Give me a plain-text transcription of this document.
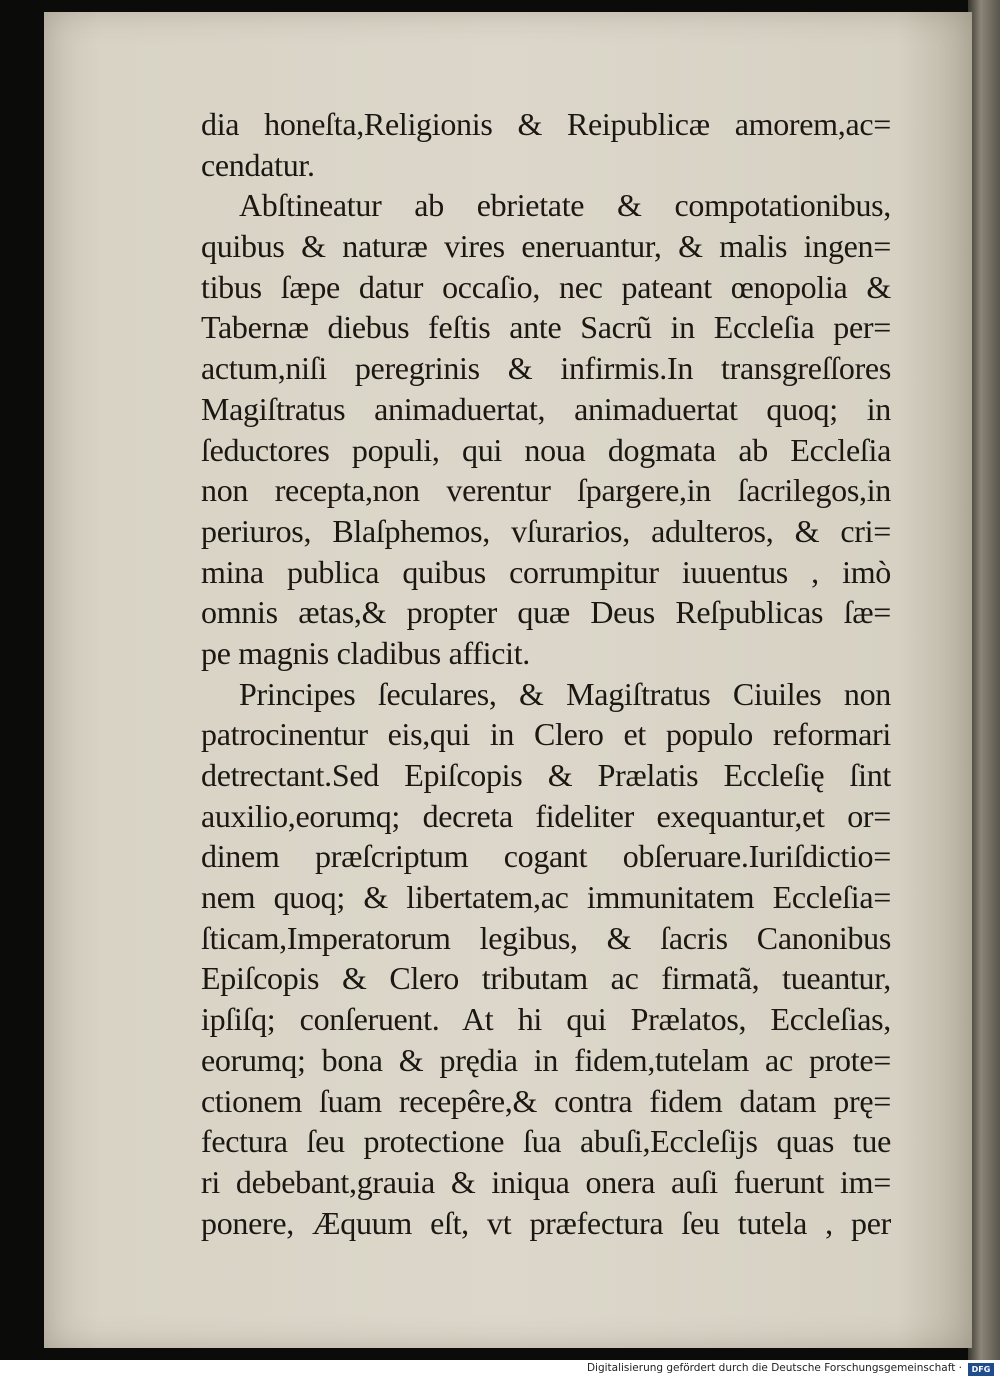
dia honeſta,Religionis & Reipublicæ amorem,ac=
cendatur.
Abſtineatur ab ebrietate & compotationibus,
quibus & naturæ vires eneruantur, & malis ingen=
tibus ſæpe datur occaſio, nec pateant œnopolia &
Tabernæ diebus feſtis ante Sacrũ in Eccleſia per=
actum,niſi peregrinis & infirmis.In transgreſſores
Magiſtratus animaduertat, animaduertat quoq; in
ſeductores populi, qui noua dogmata ab Eccleſia
non recepta,non verentur ſpargere,in ſacrilegos,in
periuros, Blaſphemos, vſurarios, adulteros, & cri=
mina publica quibus corrumpitur iuuentus , imò
omnis ætas,& propter quæ Deus Reſpublicas ſæ=
pe magnis cladibus afficit.
Principes ſeculares, & Magiſtratus Ciuiles non
patrocinentur eis,qui in Clero et populo reformari
detrectant.Sed Epiſcopis & Prælatis Eccleſię ſint
auxilio,eorumq; decreta fideliter exequantur,et or=
dinem præſcriptum cogant obſeruare.Iuriſdictio=
nem quoq; & libertatem,ac immunitatem Eccleſia=
ſticam,Imperatorum legibus, & ſacris Canonibus
Epiſcopis & Clero tributam ac firmatã, tueantur,
ipſiſq; conſeruent. At hi qui Prælatos, Eccleſias,
eorumq; bona & prędia in fidem,tutelam ac prote=
ctionem ſuam recepêre,& contra fidem datam prę=
fectura ſeu protectione ſua abuſi,Eccleſijs quas tue
ri debebant,grauia & iniqua onera auſi fuerunt im=
ponere, Æquum eſt, vt præfectura ſeu tutela , per
Digitalisierung gefördert durch die Deutsche Forschungsgemeinschaft ·	DFG
